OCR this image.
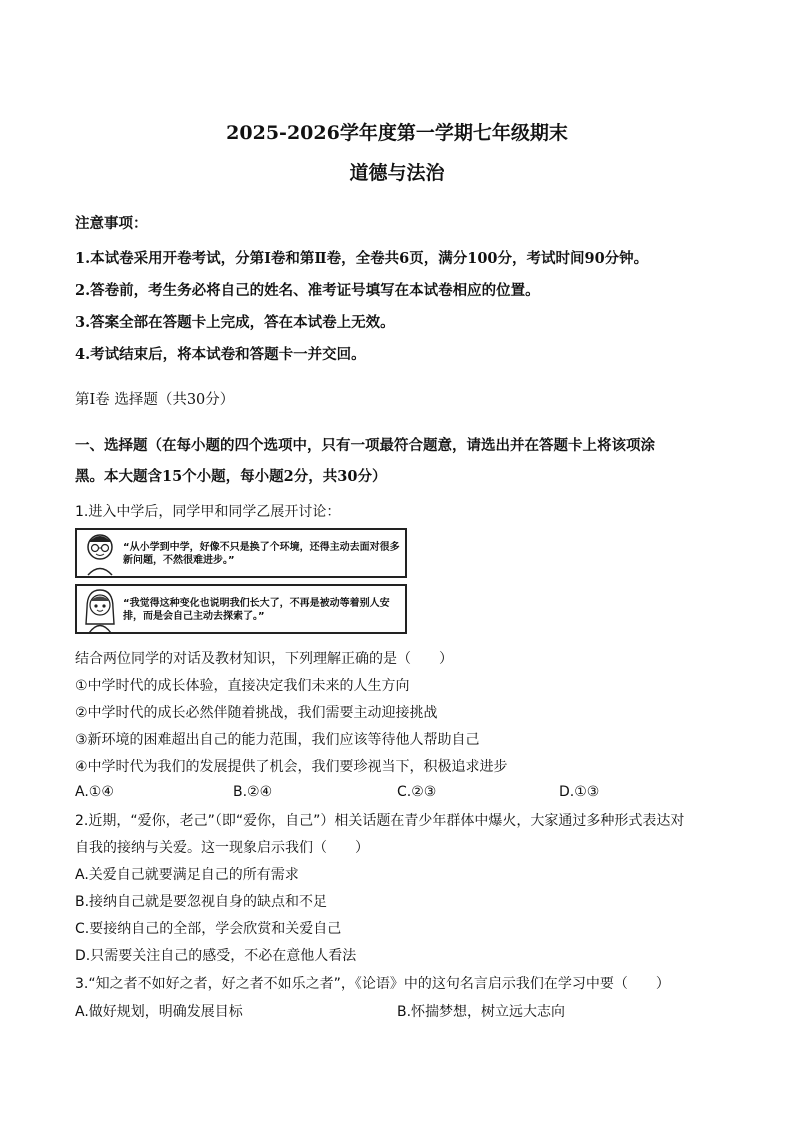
2025-2026学年度第一学期七年级期末
道德与法治
注意事项：
1.本试卷采用开卷考试，分第Ⅰ卷和第Ⅱ卷，全卷共6页，满分100分，考试时间90分钟。
2.答卷前，考生务必将自己的姓名、准考证号填写在本试卷相应的位置。
3.答案全部在答题卡上完成，答在本试卷上无效。
4.考试结束后，将本试卷和答题卡一并交回。
第Ⅰ卷 选择题（共30分）
一、选择题（在每小题的四个选项中，只有一项最符合题意，请选出并在答题卡上将该项涂
黑。本大题含15个小题，每小题2分，共30分）
1.进入中学后，同学甲和同学乙展开讨论：
“从小学到中学，好像不只是换了个环境，还得主动去面对很多新问题，不然很难进步。”
“我觉得这种变化也说明我们长大了，不再是被动等着别人安排，而是会自己主动去探索了。”
结合两位同学的对话及教材知识，下列理解正确的是（　　）
①中学时代的成长体验，直接决定我们未来的人生方向
②中学时代的成长必然伴随着挑战，我们需要主动迎接挑战
③新环境的困难超出自己的能力范围，我们应该等待他人帮助自己
④中学时代为我们的发展提供了机会，我们要珍视当下，积极追求进步
A.①④	B.②④	C.②③	D.①③
2.近期，“爱你，老己”（即“爱你，自己”）相关话题在青少年群体中爆火，大家通过多种形式表达对
自我的接纳与关爱。这一现象启示我们（　　）
A.关爱自己就要满足自己的所有需求
B.接纳自己就是要忽视自身的缺点和不足
C.要接纳自己的全部，学会欣赏和关爱自己
D.只需要关注自己的感受，不必在意他人看法
3.“知之者不如好之者，好之者不如乐之者”，《论语》中的这句名言启示我们在学习中要（　　）
A.做好规划，明确发展目标	B.怀揣梦想，树立远大志向
